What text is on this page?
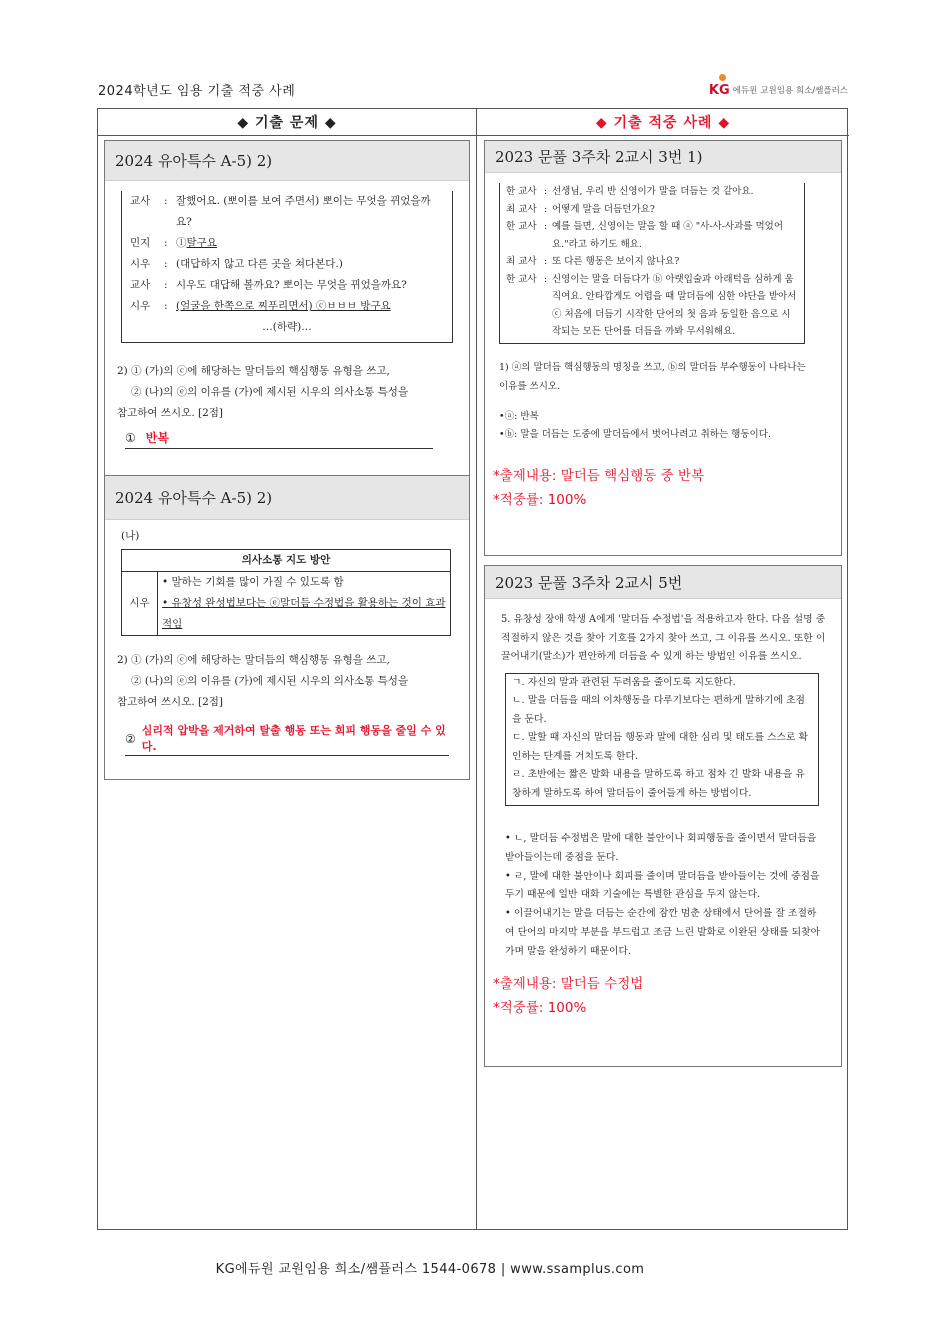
2024학년도 임용 기출 적중 사례	KG 에듀윈 교원임용 희소/쌤플러스
◆ 기출 문제 ◆	◆ 기출 적중 사례 ◆
2024 유아특수 A-5) 2)
교사	: 잘했어요. (뽀이를 보여 주면서) 뽀이는 무엇을 뀌었을까요?
민지	: ⓛ 탈구요
시우	: (대답하지 않고 다른 곳을 쳐다본다.)
교사	: 시우도 대답해 볼까요? 뽀이는 무엇을 뀌었을까요?
시우	: (얼굴을 한쪽으로 찌푸리면서) ⓒㅂㅂㅂ 방구요
…(하략)…
2) ① (가)의 ⓒ에 해당하는 말더듬의 핵심행동 유형을 쓰고,
② (나)의 ⓔ의 이유를 (가)에 제시된 시우의 의사소통 특성을
참고하여 쓰시오. [2점]
① 반복
2024 유아특수 A-5) 2)
(나)
의사소통 지도 방안
시우	
• 말하는 기회를 많이 가질 수 있도록 함
• 유창성 완성법보다는 ⓔ말더듬 수정법을 활용하는 것이 효과적임
2) ① (가)의 ⓒ에 해당하는 말더듬의 핵심행동 유형을 쓰고,
② (나)의 ⓔ의 이유를 (가)에 제시된 시우의 의사소통 특성을
참고하여 쓰시오. [2점]
②
심리적 압박을 제거하여 탈출 행동 또는 회피 행동을 줄일 수 있다.
2023 문풀 3주차 2교시 3번 1)
한 교사 : 선생님, 우리 반 신영이가 말을 더듬는 것 같아요.
최 교사 : 어떻게 말을 더듬던가요?
한 교사 : 예를 들면, 신영이는 말을 할 때 ⓐ "사-사-사과를 먹었어요."라고 하기도 해요.
최 교사 : 또 다른 행동은 보이지 않나요?
한 교사 : 신영이는 말을 더듬다가 ⓑ 아랫입술과 아래턱을 심하게 움직여요. 안타깝게도 어렵을 때 말더듬에 심한 야단을 받아서 ⓒ 처음에 더듬기 시작한 단어의 첫 음과 동일한 음으로 시작되는 모든 단어를 더듬을 까봐 무서워해요.
1) ⓐ의 말더듬 핵심행동의 명칭을 쓰고, ⓑ의 말더듬 부수행동이 나타나는 이유를 쓰시오.
•ⓐ: 반복
•ⓑ: 말을 더듬는 도중에 말더듬에서 벗어나려고 취하는 행동이다.
*출제내용: 말더듬 핵심행동 중 반복
*적중률: 100%
2023 문풀 3주차 2교시 5번
5. 유창성 장애 학생 A에게 '말더듬 수정법'을 적용하고자 한다. 다음 설명 중 적절하지 않은 것을 찾아 기호를 2가지 찾아 쓰고, 그 이유를 쓰시오. 또한 이끌어내기(말소)가 편안하게 더듬을 수 있게 하는 방법인 이유를 쓰시오.
ㄱ. 자신의 말과 관련된 두려움을 줄이도록 지도한다.
ㄴ. 말을 더듬을 때의 이차행동을 다루기보다는 편하게 말하기에 초점을 둔다.
ㄷ. 말할 때 자신의 말더듬 행동과 말에 대한 심리 및 태도를 스스로 확인하는 단계를 거치도록 한다.
ㄹ. 초반에는 짧은 발화 내용을 말하도록 하고 점차 긴 발화 내용을 유창하게 말하도록 하여 말더듬이 줄어들게 하는 방법이다.
• ㄴ, 말더듬 수정법은 말에 대한 불안이나 회피행동을 줄이면서 말더듬을 받아들이는데 중점을 둔다.
• ㄹ, 말에 대한 불안이나 회피를 줄이며 말더듬을 받아들이는 것에 중점을 두기 때문에 일반 대화 기술에는 특별한 관심을 두지 않는다.
• 이끌어내기는 말을 더듬는 순간에 잠깐 멈춘 상태에서 단어를 잘 조절하여 단어의 마지막 부분을 부드럽고 조금 느린 발화로 이완된 상태를 되찾아가며 말을 완성하기 때문이다.
*출제내용: 말더듬 수정법
*적중률: 100%
KG에듀원 교원임용 희소/쌤플러스 1544-0678 | www.ssamplus.com
